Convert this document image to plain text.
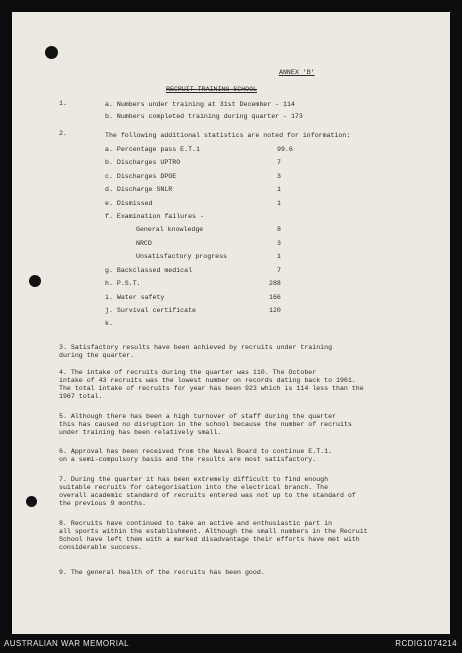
ANNEX 'B'
RECRUIT TRAINING SCHOOL
1.	a. Numbers under training at 31st December - 114
b. Numbers completed training during quarter - 173
2.	The following additional statistics are noted for information:
a. Percentage pass E.T.1	99.6
b. Discharges UPTRO	7
c. Discharges DPOE	3
d. Discharge SNLR	1
e. Dismissed	1
f. Examination failures -
General knowledge	8
NRCD	3
Unsatisfactory progress	1
g. Backclassed medical	7
h. P.S.T.	288
i. Water safety	166
j. Survival certificate	120
k.
3. Satisfactory results have been achieved by recruits under training
during the quarter.
4. The intake of recruits during the quarter was 110. The October
intake of 43 recruits was the lowest number on records dating back to 1961.
The total intake of recruits for year has been 923 which is 114 less than the
1967 total.
5. Although there has been a high turnover of staff during the quarter
this has caused no disruption in the school because the number of recruits
under training has been relatively small.
6. Approval has been received from the Naval Board to continue E.T.1.
on a semi-compulsory basis and the results are most satisfactory.
7. During the quarter it has been extremely difficult to find enough
suitable recruits for categorisation into the electrical branch. The
overall academic standard of recruits entered was not up to the standard of
the previous 9 months.
8. Recruits have continued to take an active and enthusiastic part in
all sports within the establishment. Although the small numbers in the Recruit
School have left them with a marked disadvantage their efforts have met with
considerable success.
9. The general health of the recruits has been good.
AUSTRALIAN WAR MEMORIAL	RCDIG1074214
